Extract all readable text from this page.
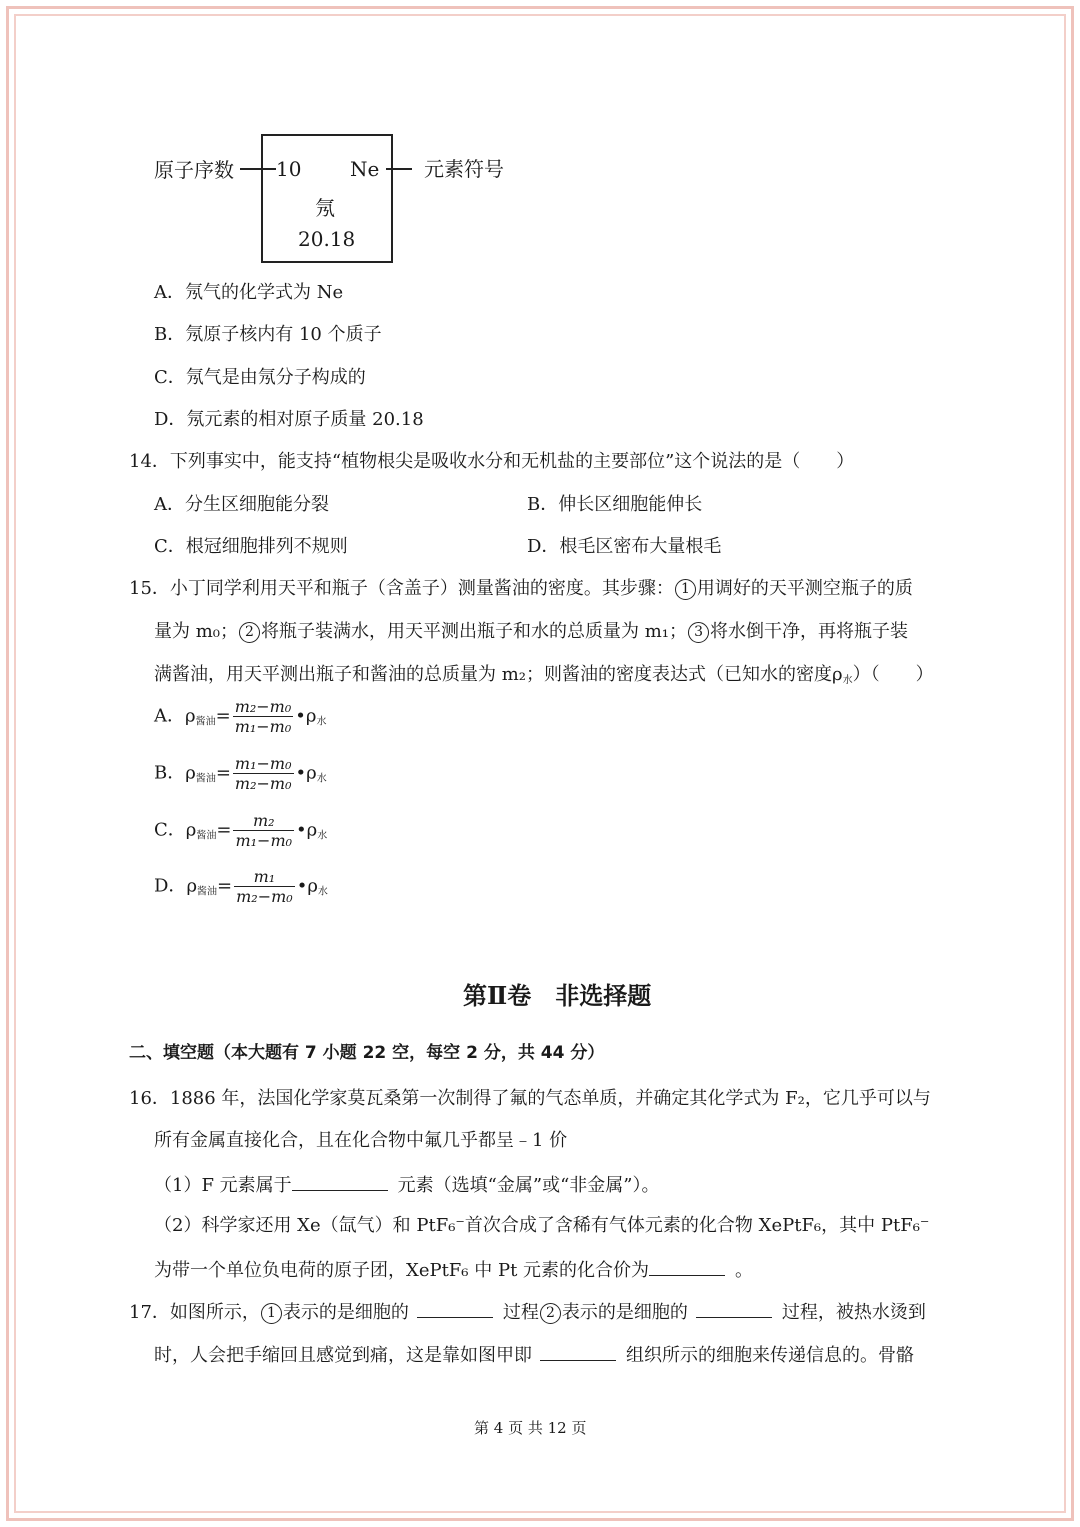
原子序数 10 Ne
氖
20.18
元素符号
A．氖气的化学式为 Ne
B．氖原子核内有 10 个质子
C．氖气是由氖分子构成的
D．氖元素的相对原子质量 20.18
14．下列事实中，能支持“植物根尖是吸收水分和无机盐的主要部位”这个说法的是（　　）
A．分生区细胞能分裂	B．伸长区细胞能伸长
C．根冠细胞排列不规则	D．根毛区密布大量根毛
15．小丁同学利用天平和瓶子（含盖子）测量酱油的密度。其步骤： 1 用调好的天平测空瓶子的质
量为 m₀； 2 将瓶子装满水，用天平测出瓶子和水的总质量为 m₁； 3 将水倒干净，再将瓶子装
满酱油，用天平测出瓶子和酱油的总质量为 m₂；则酱油的密度表达式（已知水的密度ρ水）（　　）
A．ρ酱油= $\frac{\text{m₂−m₀}}{\text{m₁−m₀}}$ •ρ水
B．ρ酱油= $\frac{\text{m₁−m₀}}{\text{m₂−m₀}}$ •ρ水
C．ρ酱油= $\frac{\text{m₂}}{\text{m₁−m₀}}$ •ρ水
D．ρ酱油= $\frac{\text{m₁}}{\text{m₂−m₀}}$ •ρ水
第Ⅱ卷　非选择题
二、填空题（本大题有 7 小题 22 空，每空 2 分，共 44 分）
16．1886 年，法国化学家莫瓦桑第一次制得了氟的气态单质，并确定其化学式为 F₂，它几乎可以与
所有金属直接化合，且在化合物中氟几乎都呈﹣1 价
（1）F 元素属于	元素（选填“金属”或“非金属”）。
（2）科学家还用 Xe（氙气）和 PtF₆⁻首次合成了含稀有气体元素的化合物 XePtF₆，其中 PtF₆⁻
为带一个单位负电荷的原子团，XePtF₆ 中 Pt 元素的化合价为	。
17．如图所示， 1 表示的是细胞的	过程 2 表示的是细胞的	过程，被热水烫到
时，人会把手缩回且感觉到痛，这是靠如图甲即	组织所示的细胞来传递信息的。骨骼
第 4 页 共 12 页
